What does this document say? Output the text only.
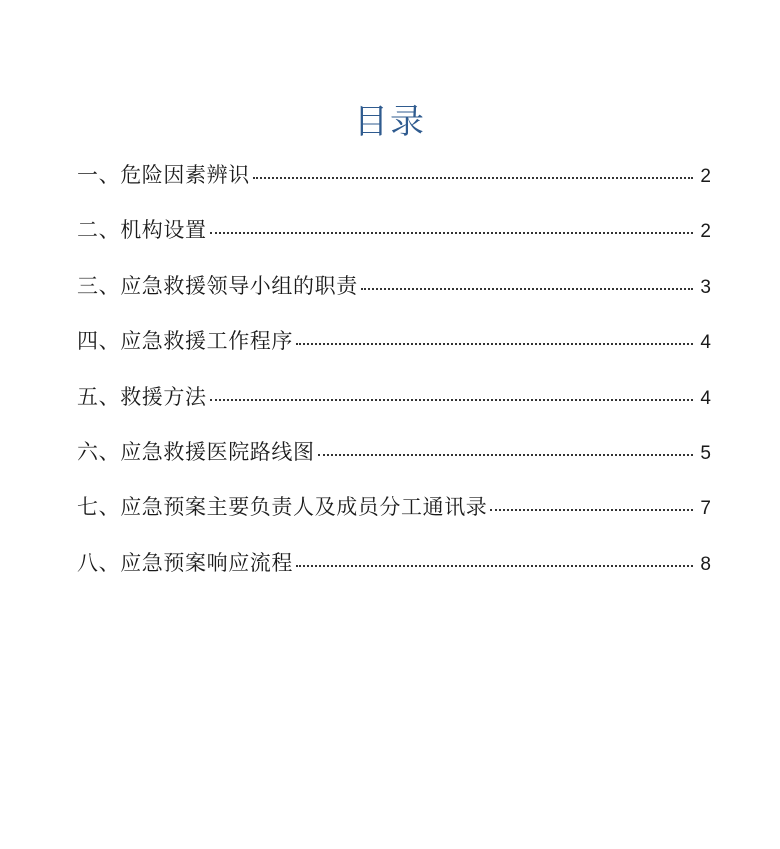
目录
一、危险因素辨识	2
二、机构设置	2
三、应急救援领导小组的职责	3
四、应急救援工作程序	4
五、救援方法	4
六、应急救援医院路线图	5
七、应急预案主要负责人及成员分工通讯录	7
八、应急预案响应流程	8
